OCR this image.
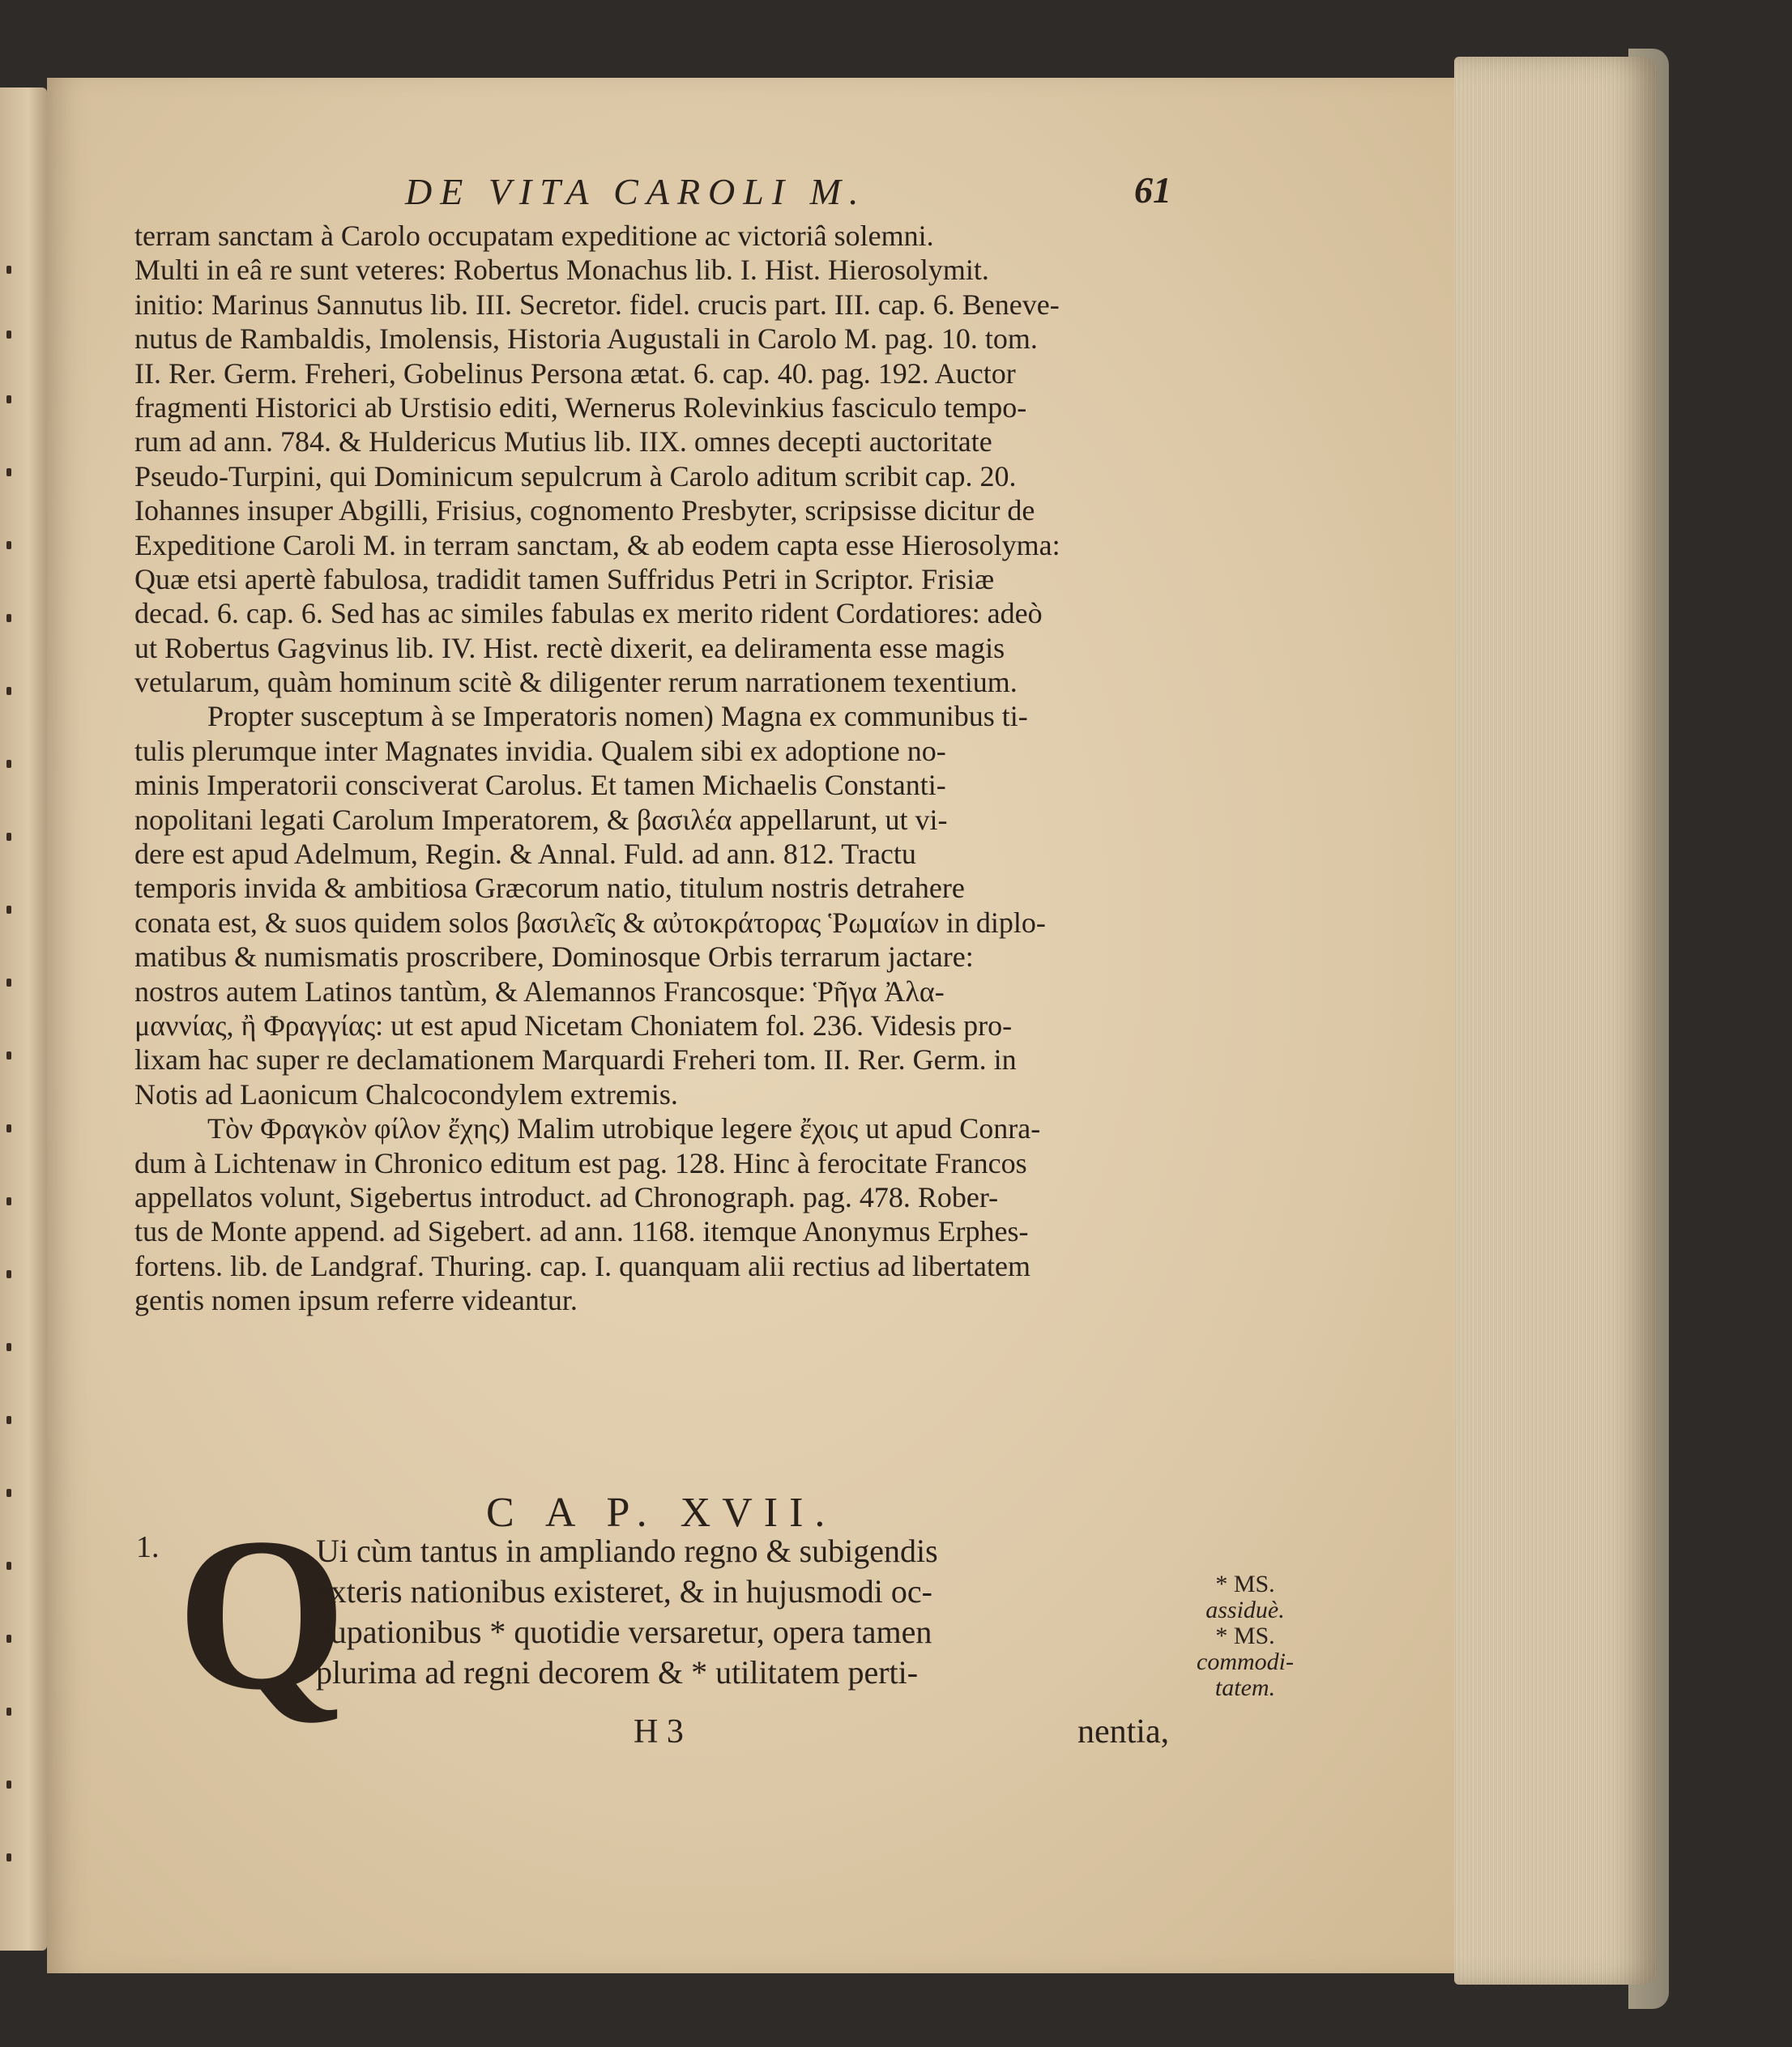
DE VITA CAROLI M.	61
terram sanctam à Carolo occupatam expeditione ac victoriâ solemni.
Multi in eâ re sunt veteres: Robertus Monachus lib. I. Hist. Hierosolymit.
initio: Marinus Sannutus lib. III. Secretor. fidel. crucis part. III. cap. 6. Beneve-
nutus de Rambaldis, Imolensis, Historia Augustali in Carolo M. pag. 10. tom.
II. Rer. Germ. Freheri, Gobelinus Persona ætat. 6. cap. 40. pag. 192. Auctor
fragmenti Historici ab Urstisio editi, Wernerus Rolevinkius fasciculo tempo-
rum ad ann. 784. & Huldericus Mutius lib. IIX. omnes decepti auctoritate
Pseudo-Turpini, qui Dominicum sepulcrum à Carolo aditum scribit cap. 20.
Iohannes insuper Abgilli, Frisius, cognomento Presbyter, scripsisse dicitur de
Expeditione Caroli M. in terram sanctam, & ab eodem capta esse Hierosolyma:
Quæ etsi apertè fabulosa, tradidit tamen Suffridus Petri in Scriptor. Frisiæ
decad. 6. cap. 6. Sed has ac similes fabulas ex merito rident Cordatiores: adeò
ut Robertus Gagvinus lib. IV. Hist. rectè dixerit, ea deliramenta esse magis
vetularum, quàm hominum scitè & diligenter rerum narrationem texentium.
Propter susceptum à se Imperatoris nomen) Magna ex communibus ti-
tulis plerumque inter Magnates invidia. Qualem sibi ex adoptione no-
minis Imperatorii consciverat Carolus. Et tamen Michaelis Constanti-
nopolitani legati Carolum Imperatorem, & βασιλέα appellarunt, ut vi-
dere est apud Adelmum, Regin. & Annal. Fuld. ad ann. 812. Tractu
temporis invida & ambitiosa Græcorum natio, titulum nostris detrahere
conata est, & suos quidem solos βασιλεῖς & αὐτοκράτορας Ῥωμαίων in diplo-
matibus & numismatis proscribere, Dominosque Orbis terrarum jactare:
nostros autem Latinos tantùm, & Alemannos Francosque: Ῥῆγα Ἀλα-
μαννίας, ἢ Φραγγίας: ut est apud Nicetam Choniatem fol. 236. Videsis pro-
lixam hac super re declamationem Marquardi Freheri tom. II. Rer. Germ. in
Notis ad Laonicum Chalcocondylem extremis.
Τὸν Φραγκὸν φίλον ἔχης) Malim utrobique legere ἔχοις ut apud Conra-
dum à Lichtenaw in Chronico editum est pag. 128. Hinc à ferocitate Francos
appellatos volunt, Sigebertus introduct. ad Chronograph. pag. 478. Rober-
tus de Monte append. ad Sigebert. ad ann. 1168. itemque Anonymus Erphes-
fortens. lib. de Landgraf. Thuring. cap. I. quanquam alii rectius ad libertatem
gentis nomen ipsum referre videantur.
C A P. XVII.
1. Q
Ui cùm tantus in ampliando regno & subigendis
exteris nationibus existeret, & in hujusmodi oc-
cupationibus * quotidie versaretur, opera tamen
plurima ad regni decorem & * utilitatem perti-
H 3	nentia,
* MS.
assiduè.
* MS.
commodi-
tatem.
